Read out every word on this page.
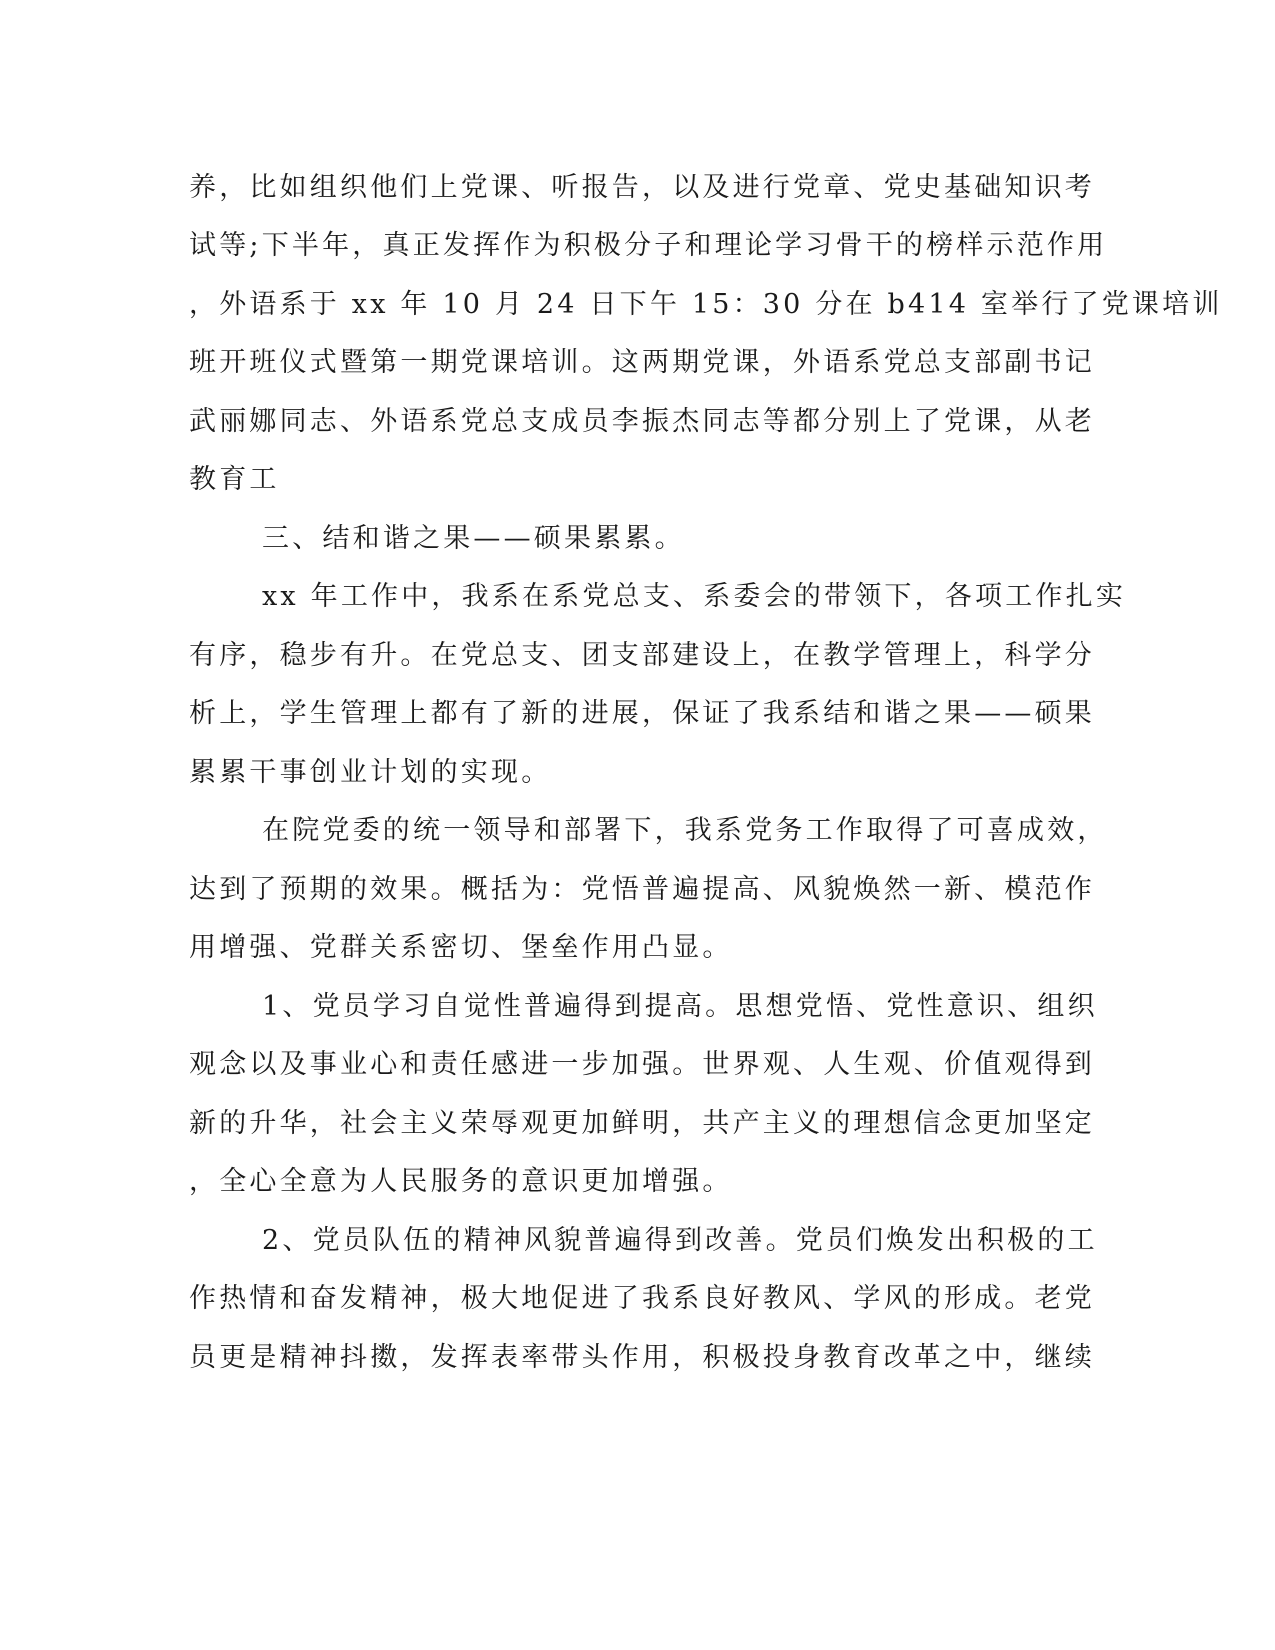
养，比如组织他们上党课、听报告，以及进行党章、党史基础知识考
试等;下半年，真正发挥作为积极分子和理论学习骨干的榜样示范作用
，外语系于 xx 年 10 月 24 日下午 15：30 分在 b414 室举行了党课培训
班开班仪式暨第一期党课培训。这两期党课，外语系党总支部副书记
武丽娜同志、外语系党总支成员李振杰同志等都分别上了党课，从老
教育工
三、结和谐之果——硕果累累。
xx 年工作中，我系在系党总支、系委会的带领下，各项工作扎实
有序，稳步有升。在党总支、团支部建设上，在教学管理上，科学分
析上，学生管理上都有了新的进展，保证了我系结和谐之果——硕果
累累干事创业计划的实现。
在院党委的统一领导和部署下，我系党务工作取得了可喜成效，
达到了预期的效果。概括为：党悟普遍提高、风貌焕然一新、模范作
用增强、党群关系密切、堡垒作用凸显。
1、党员学习自觉性普遍得到提高。思想党悟、党性意识、组织
观念以及事业心和责任感进一步加强。世界观、人生观、价值观得到
新的升华，社会主义荣辱观更加鲜明，共产主义的理想信念更加坚定
，全心全意为人民服务的意识更加增强。
2、党员队伍的精神风貌普遍得到改善。党员们焕发出积极的工
作热情和奋发精神，极大地促进了我系良好教风、学风的形成。老党
员更是精神抖擞，发挥表率带头作用，积极投身教育改革之中，继续
